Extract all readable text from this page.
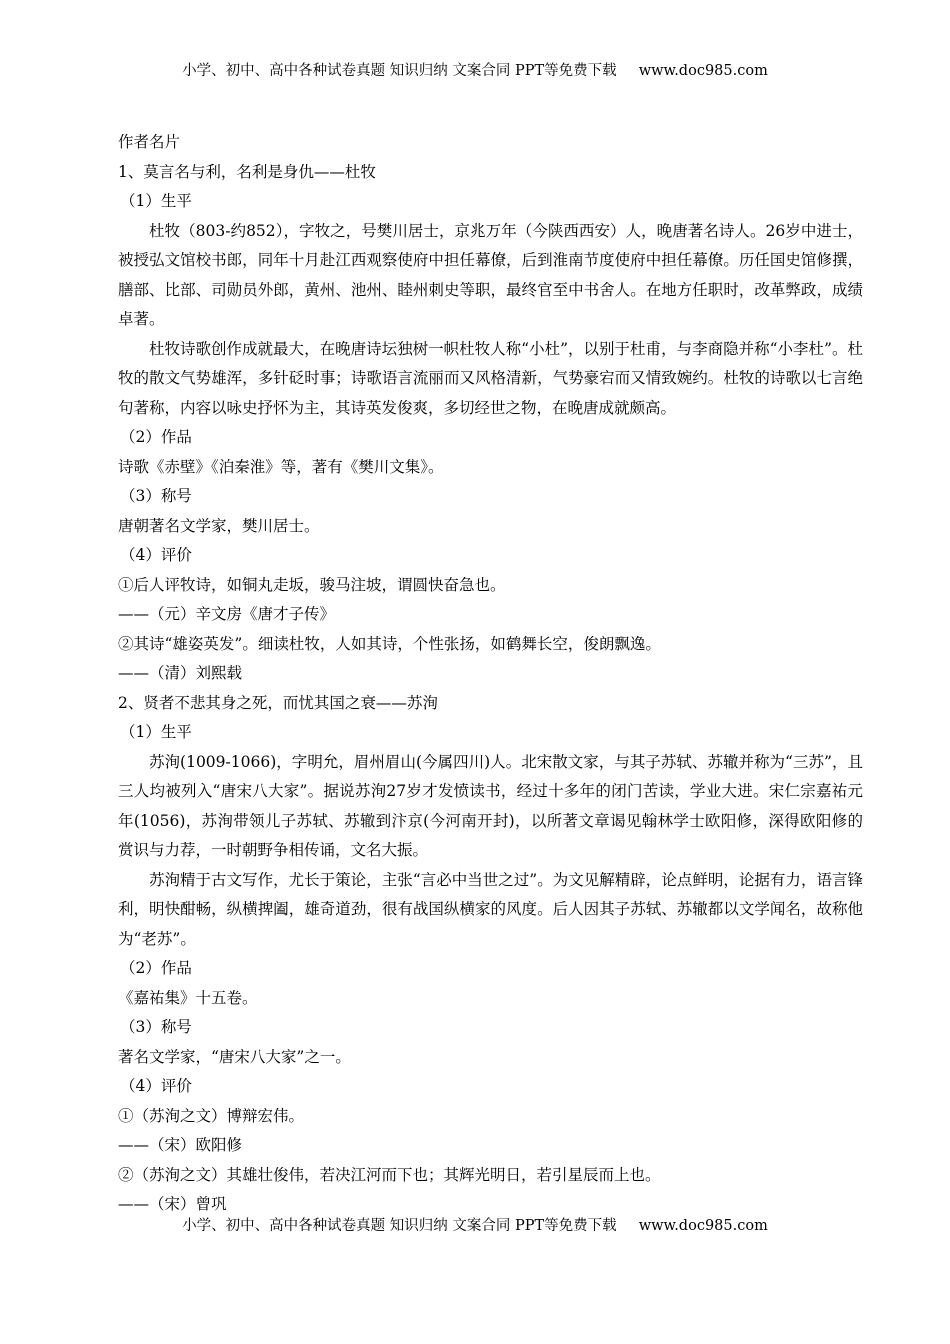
小学、初中、高中各种试卷真题 知识归纳 文案合同 PPT等免费下载 www.doc985.com

作者名片

1、莫言名与利，名利是身仇——杜牧

（1）生平

杜牧（803-约852），字牧之，号樊川居士，京兆万年（今陕西西安）人，晚唐著名诗人。26岁中进士，被授弘文馆校书郎，同年十月赴江西观察使府中担任幕僚，后到淮南节度使府中担任幕僚。历任国史馆修撰，膳部、比部、司勋员外郎，黄州、池州、睦州刺史等职，最终官至中书舍人。在地方任职时，改革弊政，成绩卓著。

杜牧诗歌创作成就最大，在晚唐诗坛独树一帜杜牧人称“小杜”，以别于杜甫，与李商隐并称“小李杜”。杜牧的散文气势雄浑，多针砭时事；诗歌语言流丽而又风格清新，气势豪宕而又情致婉约。杜牧的诗歌以七言绝句著称，内容以咏史抒怀为主，其诗英发俊爽，多切经世之物，在晚唐成就颇高。

（2）作品

诗歌《赤壁》《泊秦淮》等，著有《樊川文集》。

（3）称号

唐朝著名文学家，樊川居士。

（4）评价

①后人评牧诗，如铜丸走坂，骏马注坡，谓圆快奋急也。

——（元）辛文房《唐才子传》

②其诗“雄姿英发”。细读杜牧，人如其诗，个性张扬，如鹤舞长空，俊朗飘逸。

——（清）刘熙载

2、贤者不悲其身之死，而忧其国之衰——苏洵

（1）生平

苏洵(1009-1066)，字明允，眉州眉山(今属四川)人。北宋散文家，与其子苏轼、苏辙并称为“三苏”，且三人均被列入“唐宋八大家”。据说苏洵27岁才发愤读书，经过十多年的闭门苦读，学业大进。宋仁宗嘉祐元年(1056)，苏洵带领儿子苏轼、苏辙到汴京(今河南开封)，以所著文章谒见翰林学士欧阳修，深得欧阳修的赏识与力荐，一时朝野争相传诵，文名大振。

苏洵精于古文写作，尤长于策论，主张“言必中当世之过”。为文见解精辟，论点鲜明，论据有力，语言锋利，明快酣畅，纵横捭阖，雄奇道劲，很有战国纵横家的风度。后人因其子苏轼、苏辙都以文学闻名，故称他为“老苏”。

（2）作品

《嘉祐集》十五卷。

（3）称号

著名文学家，“唐宋八大家”之一。

（4）评价

①（苏洵之文）博辩宏伟。

——（宋）欧阳修

②（苏洵之文）其雄壮俊伟，若决江河而下也；其辉光明日，若引星辰而上也。

——（宋）曾巩

小学、初中、高中各种试卷真题 知识归纳 文案合同 PPT等免费下载 www.doc985.com
